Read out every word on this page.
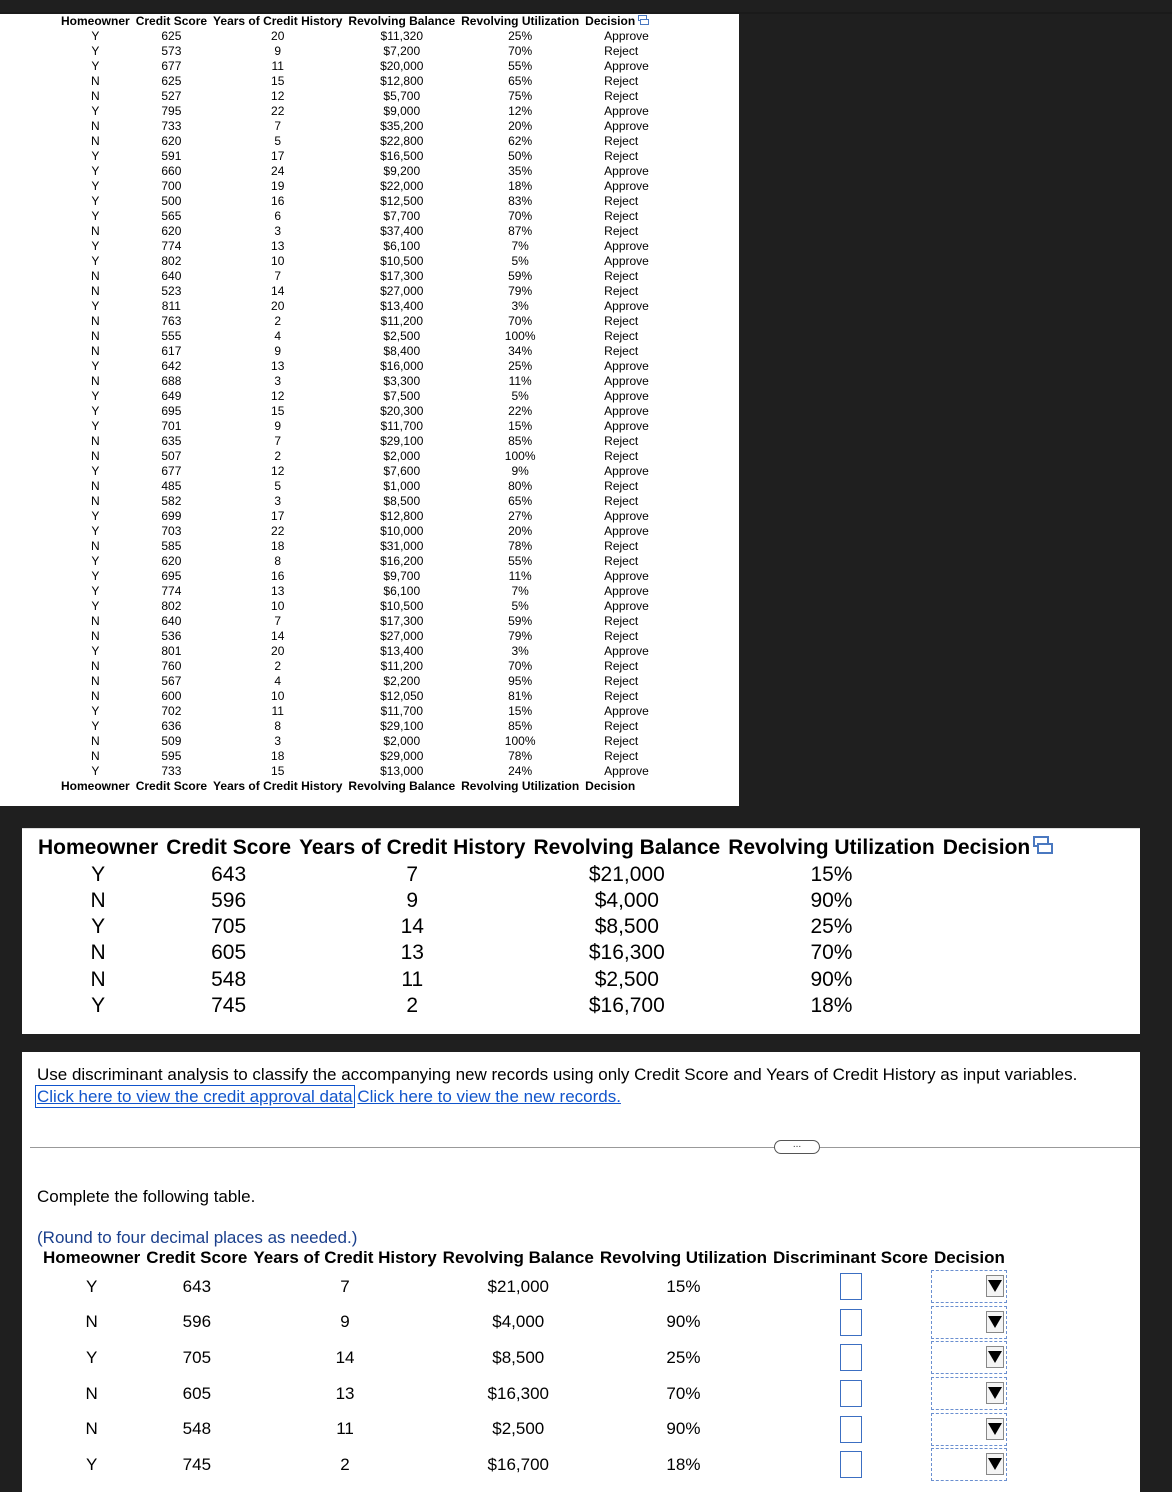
Homeowner	Credit Score	Years of Credit History	Revolving Balance	Revolving Utilization	Decision
Y	625	20	$11,320	25%	Approve
Y	573	9	$7,200	70%	Reject
Y	677	11	$20,000	55%	Approve
N	625	15	$12,800	65%	Reject
N	527	12	$5,700	75%	Reject
Y	795	22	$9,000	12%	Approve
N	733	7	$35,200	20%	Approve
N	620	5	$22,800	62%	Reject
Y	591	17	$16,500	50%	Reject
Y	660	24	$9,200	35%	Approve
Y	700	19	$22,000	18%	Approve
Y	500	16	$12,500	83%	Reject
Y	565	6	$7,700	70%	Reject
N	620	3	$37,400	87%	Reject
Y	774	13	$6,100	7%	Approve
Y	802	10	$10,500	5%	Approve
N	640	7	$17,300	59%	Reject
N	523	14	$27,000	79%	Reject
Y	811	20	$13,400	3%	Approve
N	763	2	$11,200	70%	Reject
N	555	4	$2,500	100%	Reject
N	617	9	$8,400	34%	Reject
Y	642	13	$16,000	25%	Approve
N	688	3	$3,300	11%	Approve
Y	649	12	$7,500	5%	Approve
Y	695	15	$20,300	22%	Approve
Y	701	9	$11,700	15%	Approve
N	635	7	$29,100	85%	Reject
N	507	2	$2,000	100%	Reject
Y	677	12	$7,600	9%	Approve
N	485	5	$1,000	80%	Reject
N	582	3	$8,500	65%	Reject
Y	699	17	$12,800	27%	Approve
Y	703	22	$10,000	20%	Approve
N	585	18	$31,000	78%	Reject
Y	620	8	$16,200	55%	Reject
Y	695	16	$9,700	11%	Approve
Y	774	13	$6,100	7%	Approve
Y	802	10	$10,500	5%	Approve
N	640	7	$17,300	59%	Reject
N	536	14	$27,000	79%	Reject
Y	801	20	$13,400	3%	Approve
N	760	2	$11,200	70%	Reject
N	567	4	$2,200	95%	Reject
N	600	10	$12,050	81%	Reject
Y	702	11	$11,700	15%	Approve
Y	636	8	$29,100	85%	Reject
N	509	3	$2,000	100%	Reject
N	595	18	$29,000	78%	Reject
Y	733	15	$13,000	24%	Approve
Homeowner	Credit Score	Years of Credit History	Revolving Balance	Revolving Utilization	Decision
Homeowner	Credit Score	Years of Credit History	Revolving Balance	Revolving Utilization	Decision
Y	643	7	$21,000	15%	
N	596	9	$4,000	90%	
Y	705	14	$8,500	25%	
N	605	13	$16,300	70%	
N	548	11	$2,500	90%	
Y	745	2	$16,700	18%	
Use discriminant analysis to classify the accompanying new records using only Credit Score and Years of Credit History as input variables.
Click here to view the credit approval data Click here to view the new records.
...
Complete the following table.
(Round to four decimal places as needed.)
Homeowner	Credit Score	Years of Credit History	Revolving Balance	Revolving Utilization	Discriminant Score	Decision
Y	643	7	$21,000	15%		

N	596	9	$4,000	90%		

Y	705	14	$8,500	25%		

N	605	13	$16,300	70%		

N	548	11	$2,500	90%		

Y	745	2	$16,700	18%		
